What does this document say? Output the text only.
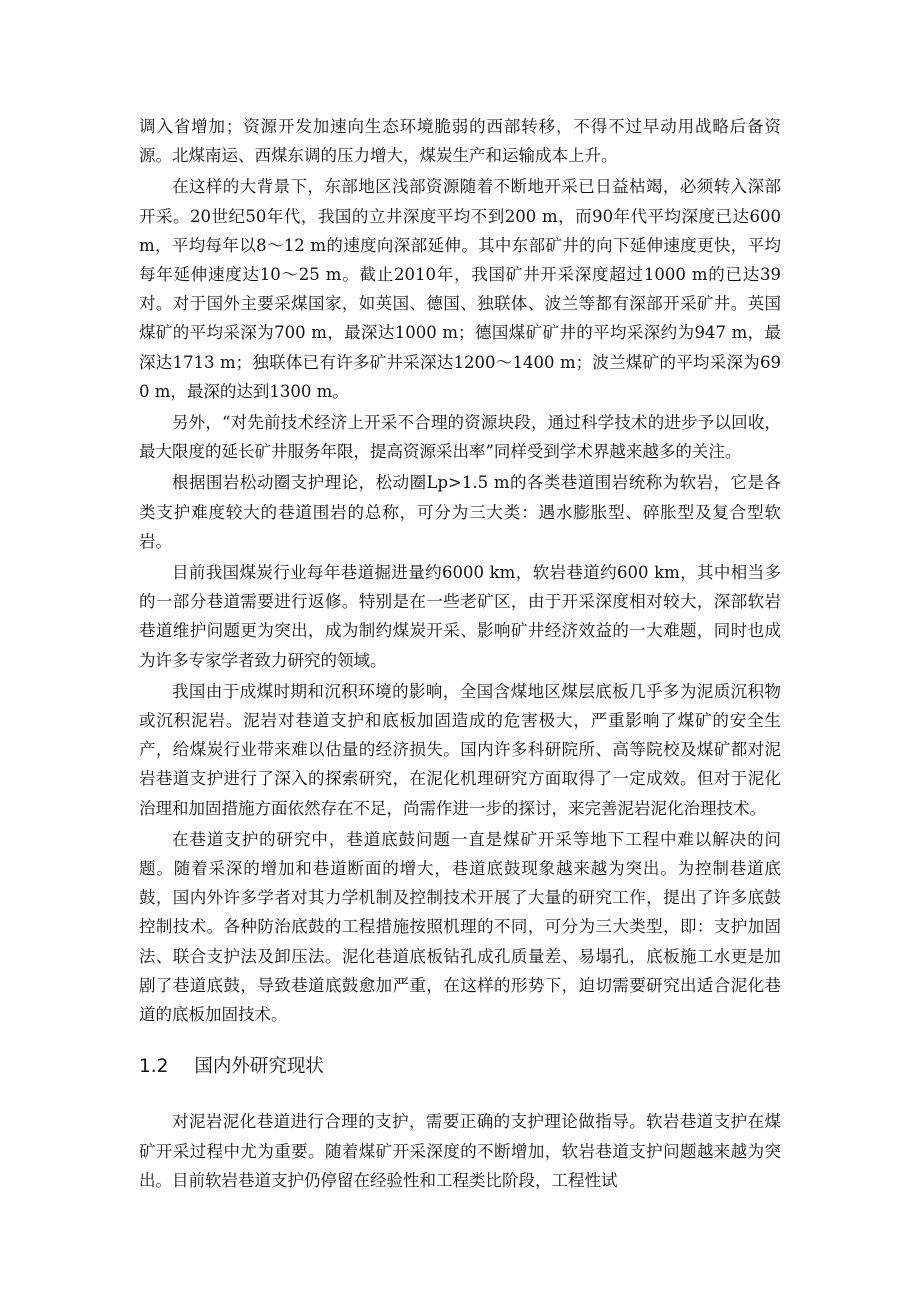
调入省增加；资源开发加速向生态环境脆弱的西部转移，不得不过早动用战略后备资源。北煤南运、西煤东调的压力增大，煤炭生产和运输成本上升。

在这样的大背景下，东部地区浅部资源随着不断地开采已日益枯竭，必须转入深部开采。20世纪50年代，我国的立井深度平均不到200 m，而90年代平均深度已达600 m，平均每年以8～12 m的速度向深部延伸。其中东部矿井的向下延伸速度更快，平均每年延伸速度达10～25 m。截止2010年，我国矿井开采深度超过1000 m的已达39对。对于国外主要采煤国家，如英国、德国、独联体、波兰等都有深部开采矿井。英国煤矿的平均采深为700 m，最深达1000 m；德国煤矿矿井的平均采深约为947 m，最深达1713 m；独联体已有许多矿井采深达1200～1400 m；波兰煤矿的平均采深为690 m，最深的达到1300 m。

另外，“对先前技术经济上开采不合理的资源块段，通过科学技术的进步予以回收，最大限度的延长矿井服务年限，提高资源采出率”同样受到学术界越来越多的关注。

根据围岩松动圈支护理论，松动圈Lp>1.5 m的各类巷道围岩统称为软岩，它是各类支护难度较大的巷道围岩的总称，可分为三大类：遇水膨胀型、碎胀型及复合型软岩。

目前我国煤炭行业每年巷道掘进量约6000 km，软岩巷道约600 km，其中相当多的一部分巷道需要进行返修。特别是在一些老矿区，由于开采深度相对较大，深部软岩巷道维护问题更为突出，成为制约煤炭开采、影响矿井经济效益的一大难题，同时也成为许多专家学者致力研究的领域。

我国由于成煤时期和沉积环境的影响，全国含煤地区煤层底板几乎多为泥质沉积物或沉积泥岩。泥岩对巷道支护和底板加固造成的危害极大，严重影响了煤矿的安全生产，给煤炭行业带来难以估量的经济损失。国内许多科研院所、高等院校及煤矿都对泥岩巷道支护进行了深入的探索研究，在泥化机理研究方面取得了一定成效。但对于泥化治理和加固措施方面依然存在不足，尚需作进一步的探讨，来完善泥岩泥化治理技术。

在巷道支护的研究中，巷道底鼓问题一直是煤矿开采等地下工程中难以解决的问题。随着采深的增加和巷道断面的增大，巷道底鼓现象越来越为突出。为控制巷道底鼓，国内外许多学者对其力学机制及控制技术开展了大量的研究工作，提出了许多底鼓控制技术。各种防治底鼓的工程措施按照机理的不同，可分为三大类型，即：支护加固法、联合支护法及卸压法。泥化巷道底板钻孔成孔质量差、易塌孔，底板施工水更是加剧了巷道底鼓，导致巷道底鼓愈加严重，在这样的形势下，迫切需要研究出适合泥化巷道的底板加固技术。

1.2 国内外研究现状

对泥岩泥化巷道进行合理的支护，需要正确的支护理论做指导。软岩巷道支护在煤矿开采过程中尤为重要。随着煤矿开采深度的不断增加，软岩巷道支护问题越来越为突出。目前软岩巷道支护仍停留在经验性和工程类比阶段，工程性试
